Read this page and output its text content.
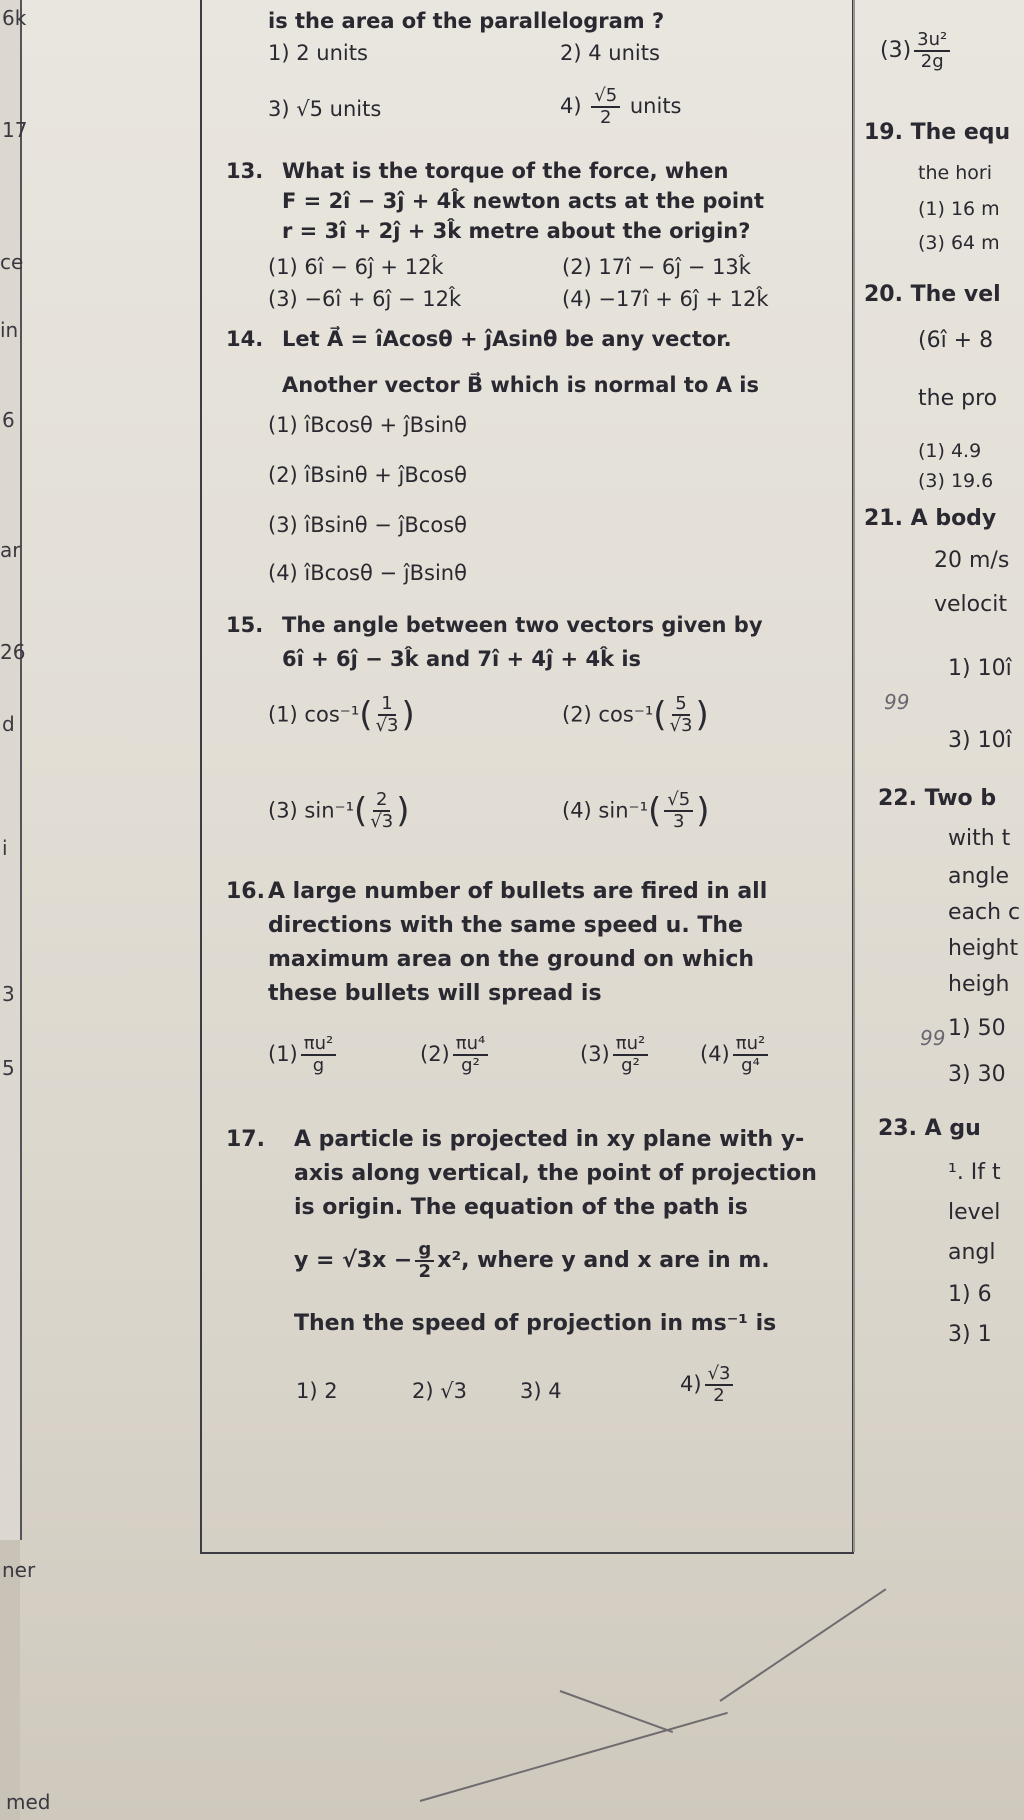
6k
17
ce
in
6
ar
26
d
i
3
5
ner
med
is the area of the parallelogram ?
1) 2 units	2) 4 units
3) √5 units	$4) \frac{√5}{2}$ units
13. What is the torque of the force, when
F = 2î − 3ĵ + 4k̂ newton acts at the point
r = 3î + 2ĵ + 3k̂ metre about the origin?
(1) 6î − 6ĵ + 12k̂	(2) 17î − 6ĵ − 13k̂
(3) −6î + 6ĵ − 12k̂	(4) −17î + 6ĵ + 12k̂
14. Let A⃗ = îAcosθ + ĵAsinθ be any vector.
Another vector B⃗ which is normal to A is
(1) îBcosθ + ĵBsinθ
(2) îBsinθ + ĵBcosθ
(3) îBsinθ − ĵBcosθ
(4) îBcosθ − ĵBsinθ
15. The angle between two vectors given by
6î + 6ĵ − 3k̂ and 7î + 4ĵ + 4k̂ is
(1) $\cos^{-1}( \frac{1}{√3}$ )	(2) $\cos^{-1}( \frac{5}{√3}$ )
(3) $\sin^{-1}( \frac{2}{√3}$ )	(4) $\sin^{-1}( \frac{√5}{3}$ )
16. A large number of bullets are fired in all
directions with the same speed u. The
maximum area on the ground on which
these bullets will spread is
$(1) \frac{\text{πu²}}{g}$	$(2) \frac{\text{πu⁴}}{\text{g²}}$	$(3) \frac{\text{πu²}}{\text{g²}} (4) \frac{\text{πu²}}{\text{g⁴}}$
17. A particle is projected in xy plane with y-
axis along vertical, the point of projection
is origin. The equation of the path is
$y = √3x - \frac{g}{2} x^2$, where y and x are in m.
Then the speed of projection in ms⁻¹ is
1) 2	2) √3	3) 4	$4) \frac{√3}{2}$
$(3) \frac{\text{3u²}}{2g}$
19. The equ
the hori
(1) 16 m
(3) 64 m
20. The vel
(6î + 8
the pro
(1) 4.9
(3) 19.6
21. A body
20 m/s
velocit
1) 10î
3) 10î
22. Two b
with t
angle
each c
height
heigh
1) 50
3) 30
23. A gu
¹. If t
level
angl
1) 6
3) 1
99
99
